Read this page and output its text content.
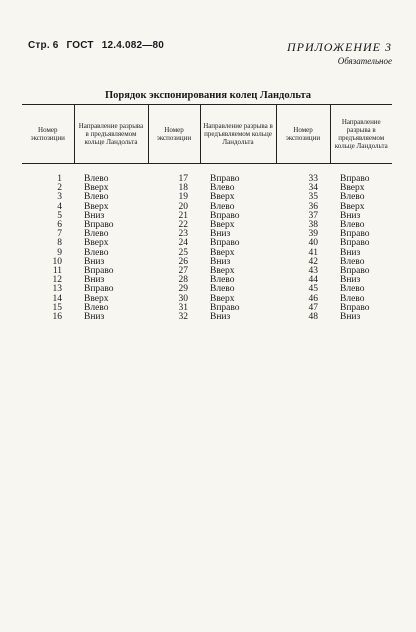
Стр. 6 ГОСТ 12.4.082—80	ПРИЛОЖЕНИЕ 3
Обязательное
Порядок экспонирования колец Ландольта
Номер экспозиции	Направление разрыва в предъявляемом кольце Ландольта	Номер экспозиции	Направление разрыва в предъявляемом кольце Ландольта	Номер экспозиции	Направление разрыва в предъявляемом кольце Ландольта

1	Влево	17	Вправо	33	Вправо
2	Вверх	18	Влево	34	Вверх
3	Влево	19	Вверх	35	Влево
4	Вверх	20	Влево	36	Вверх
5	Вниз	21	Вправо	37	Вниз
6	Вправо	22	Вверх	38	Влево
7	Влево	23	Вниз	39	Вправо
8	Вверх	24	Вправо	40	Вправо
9	Влево	25	Вверх	41	Вниз
10	Вниз	26	Вниз	42	Влево
11	Вправо	27	Вверх	43	Вправо
12	Вниз	28	Влево	44	Вниз
13	Вправо	29	Влево	45	Влево
14	Вверх	30	Вверх	46	Влево
15	Влево	31	Вправо	47	Вправо
16	Вниз	32	Вниз	48	Вниз
